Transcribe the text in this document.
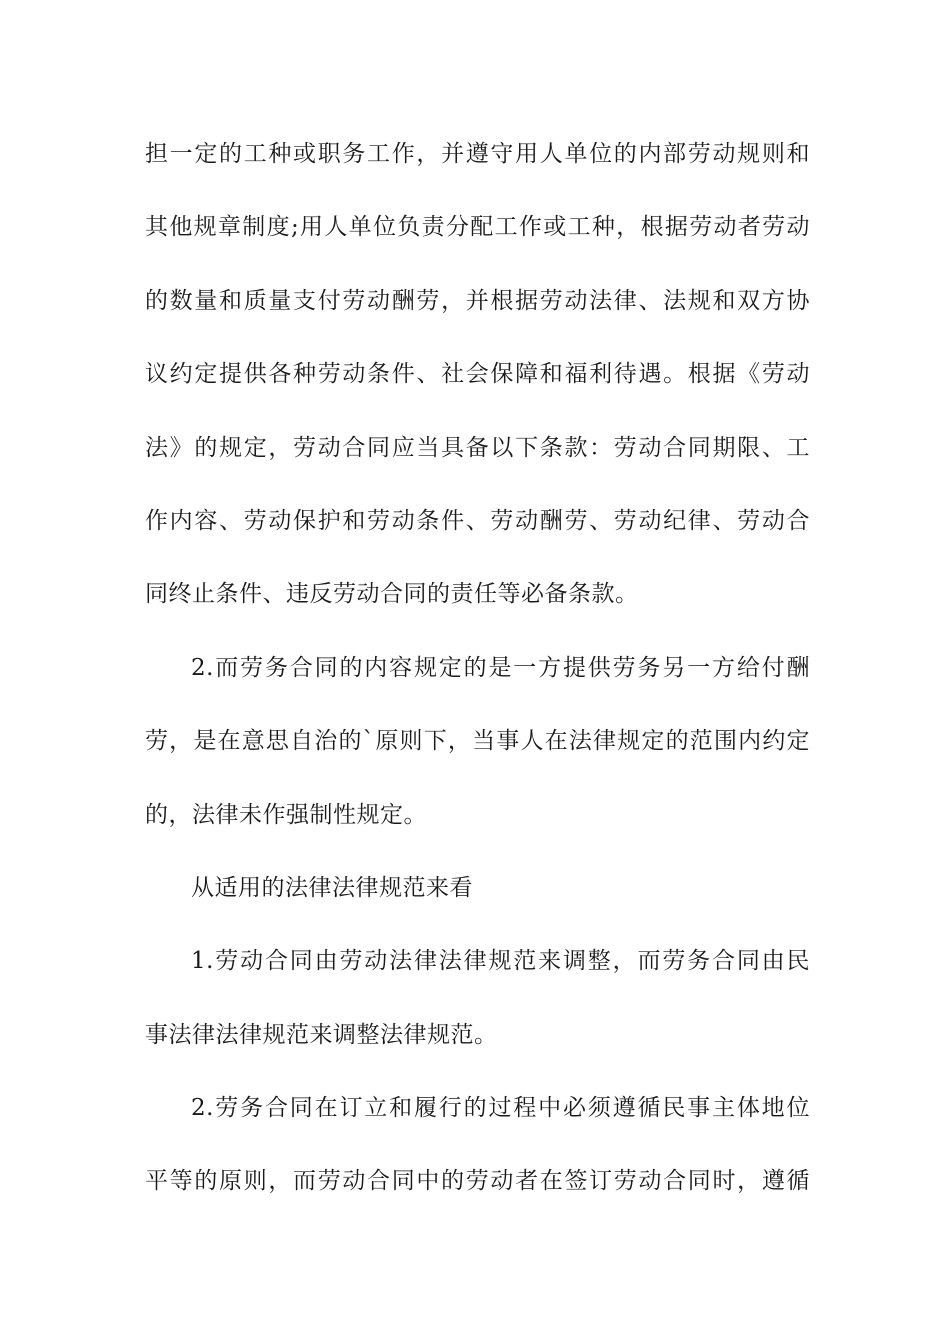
担一定的工种或职务工作，并遵守用人单位的内部劳动规则和
其他规章制度;用人单位负责分配工作或工种，根据劳动者劳动
的数量和质量支付劳动酬劳，并根据劳动法律、法规和双方协
议约定提供各种劳动条件、社会保障和福利待遇。根据《劳动
法》的规定，劳动合同应当具备以下条款：劳动合同期限、工
作内容、劳动保护和劳动条件、劳动酬劳、劳动纪律、劳动合
同终止条件、违反劳动合同的责任等必备条款。
2.而劳务合同的内容规定的是一方提供劳务另一方给付酬
劳，是在意思自治的`原则下，当事人在法律规定的范围内约定
的，法律未作强制性规定。
从适用的法律法律规范来看
1.劳动合同由劳动法律法律规范来调整，而劳务合同由民
事法律法律规范来调整法律规范。
2.劳务合同在订立和履行的过程中必须遵循民事主体地位
平等的原则，而劳动合同中的劳动者在签订劳动合同时，遵循
